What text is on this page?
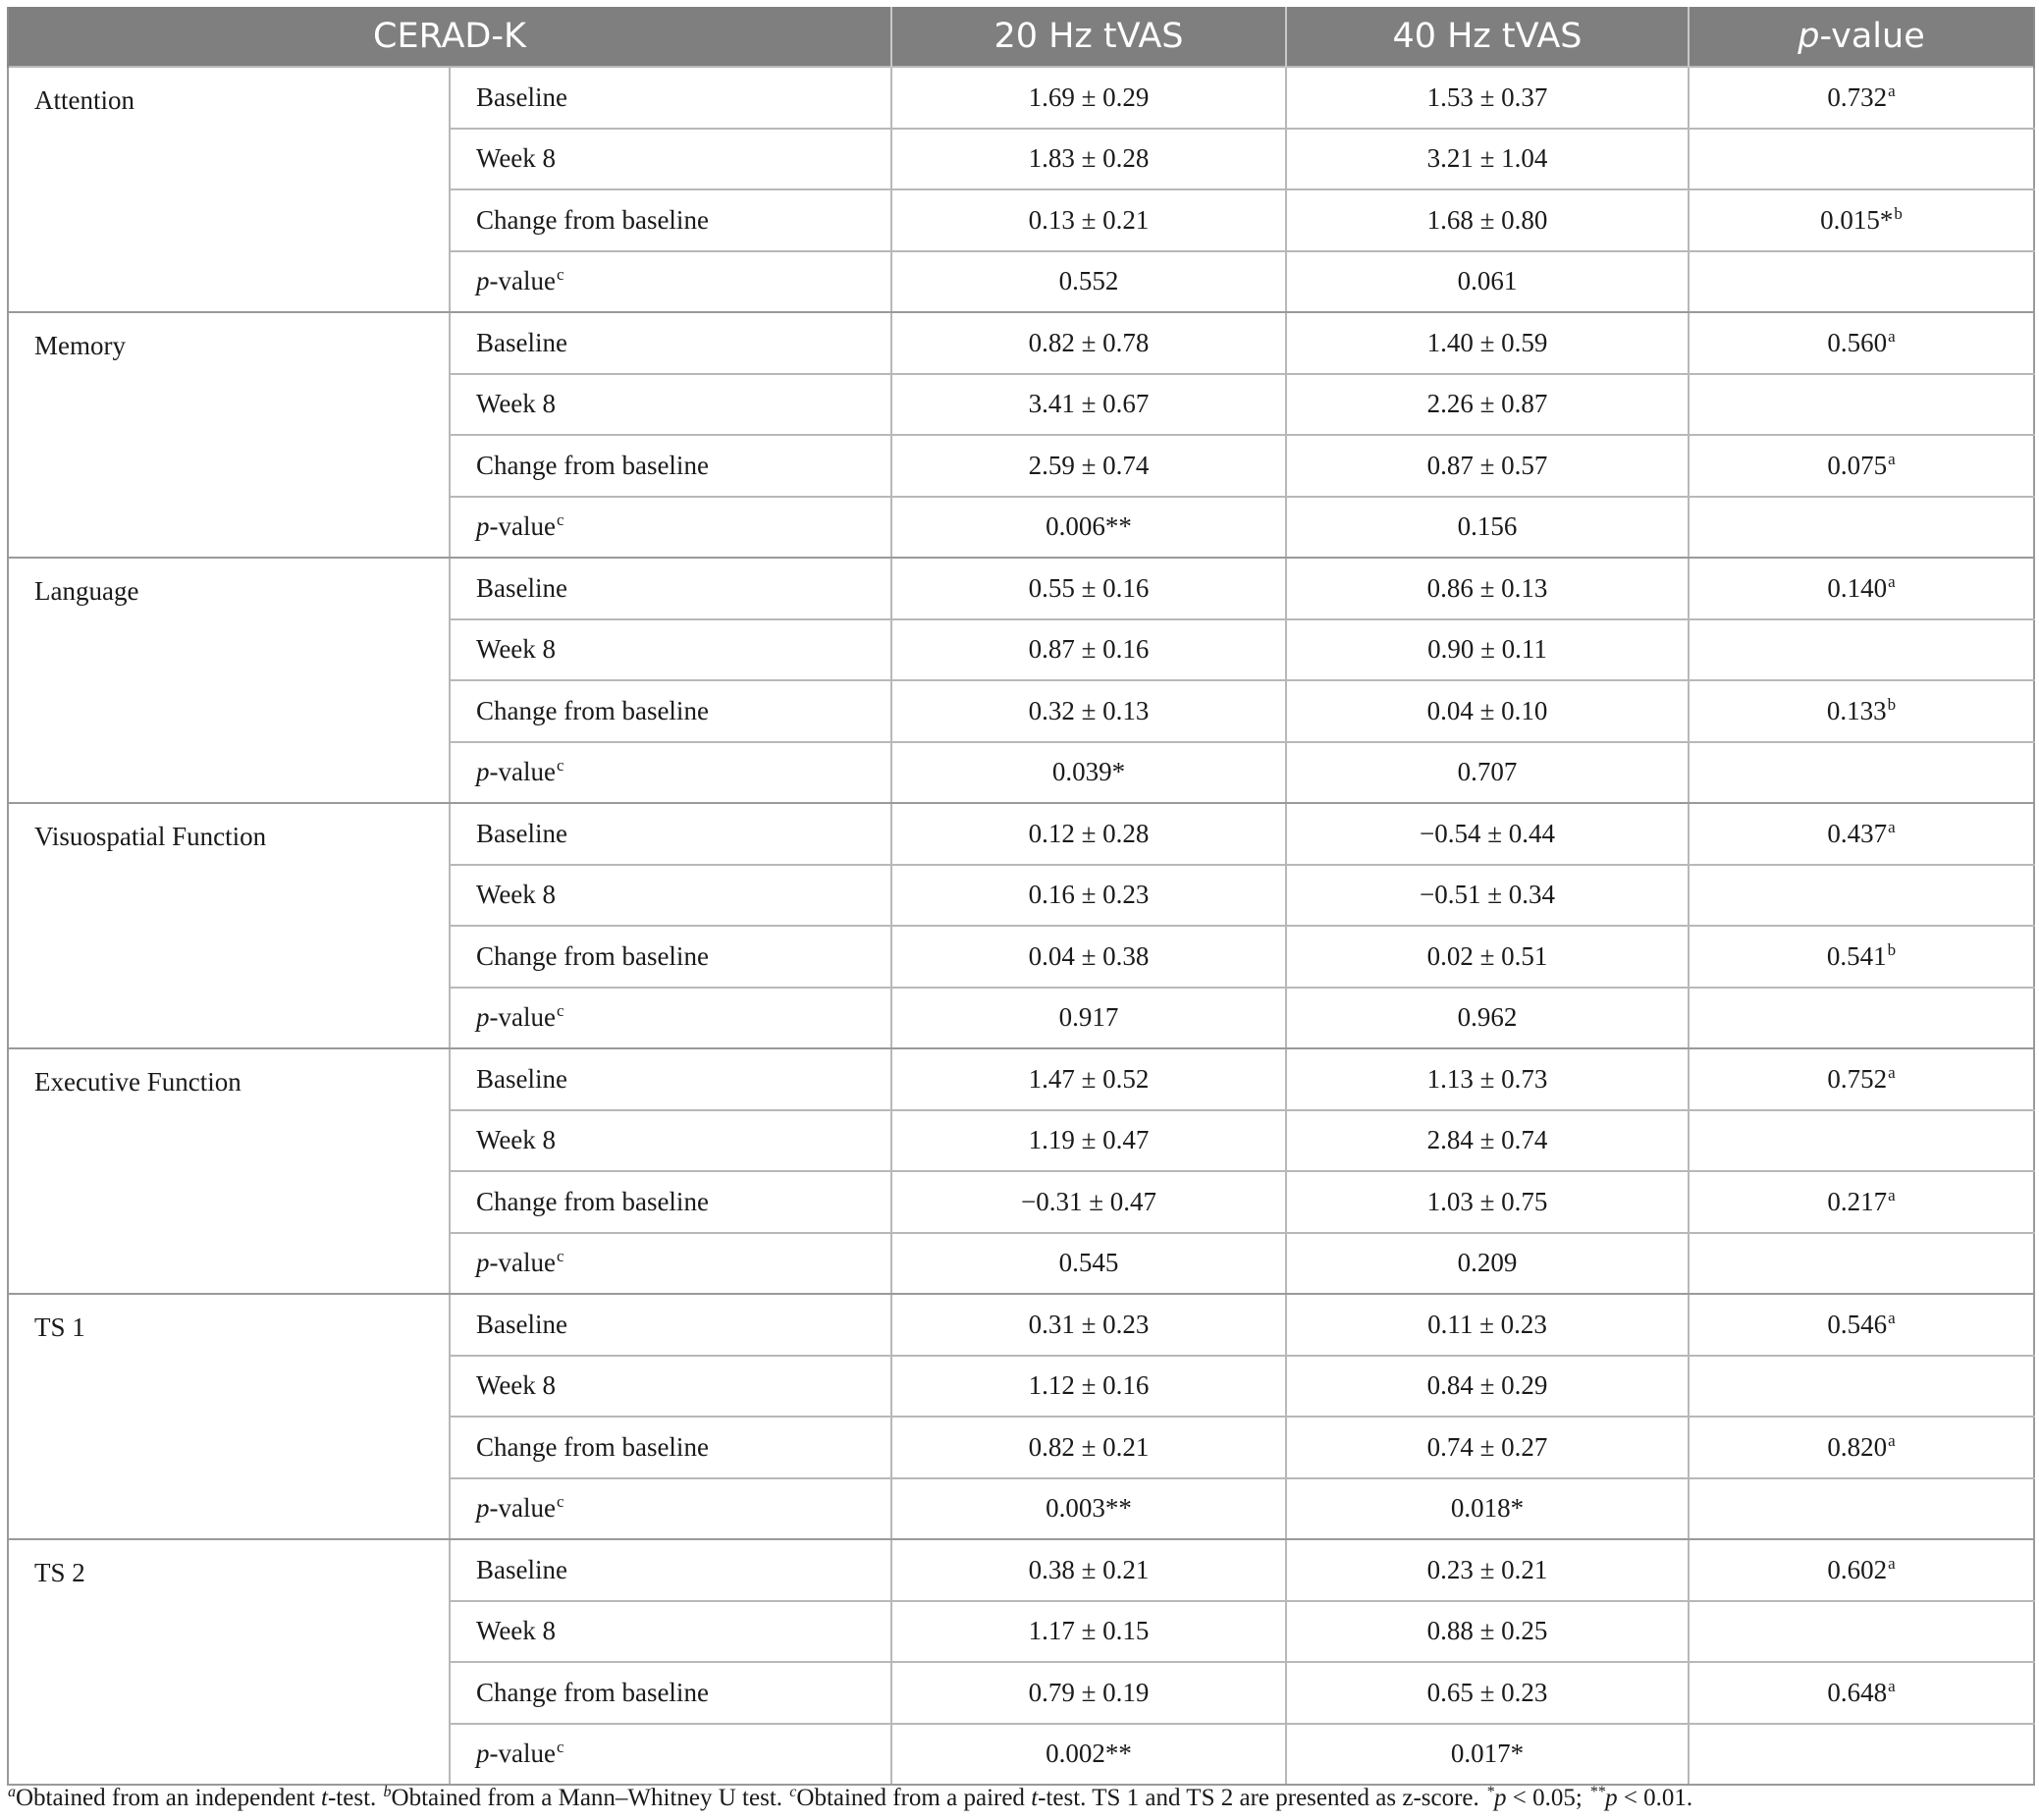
CERAD-K		20 Hz tVAS	40 Hz tVAS	p-value
Attention	Baseline	1.69 ± 0.29	1.53 ± 0.37	0.732$^a$
	Week 8	1.83 ± 0.28	3.21 ± 1.04	
	Change from baseline	0.13 ± 0.21	1.68 ± 0.80	0.015*$^b$
	p-value$^c$	0.552	0.061	
Memory	Baseline	0.82 ± 0.78	1.40 ± 0.59	0.560$^a$
	Week 8	3.41 ± 0.67	2.26 ± 0.87	
	Change from baseline	2.59 ± 0.74	0.87 ± 0.57	0.075$^a$
	p-value$^c$	0.006**	0.156	
Language	Baseline	0.55 ± 0.16	0.86 ± 0.13	0.140$^a$
	Week 8	0.87 ± 0.16	0.90 ± 0.11	
	Change from baseline	0.32 ± 0.13	0.04 ± 0.10	0.133$^b$
	p-value$^c$	0.039*	0.707	
Visuospatial Function	Baseline	0.12 ± 0.28	−0.54 ± 0.44	0.437$^a$
	Week 8	0.16 ± 0.23	−0.51 ± 0.34	
	Change from baseline	0.04 ± 0.38	0.02 ± 0.51	0.541$^b$
	p-value$^c$	0.917	0.962	
Executive Function	Baseline	1.47 ± 0.52	1.13 ± 0.73	0.752$^a$
	Week 8	1.19 ± 0.47	2.84 ± 0.74	
	Change from baseline	−0.31 ± 0.47	1.03 ± 0.75	0.217$^a$
	p-value$^c$	0.545	0.209	
TS 1	Baseline	0.31 ± 0.23	0.11 ± 0.23	0.546$^a$
	Week 8	1.12 ± 0.16	0.84 ± 0.29	
	Change from baseline	0.82 ± 0.21	0.74 ± 0.27	0.820$^a$
	p-value$^c$	0.003**	0.018*	
TS 2	Baseline	0.38 ± 0.21	0.23 ± 0.21	0.602$^a$
	Week 8	1.17 ± 0.15	0.88 ± 0.25	
	Change from baseline	0.79 ± 0.19	0.65 ± 0.23	0.648$^a$
	p-value$^c$	0.002**	0.017*	
$^a$Obtained from an independent t-test. $^b$Obtained from a Mann–Whitney U test. $^c$Obtained from a paired t-test. TS 1 and TS 2 are presented as z-score. *p < 0.05; **p < 0.01.
